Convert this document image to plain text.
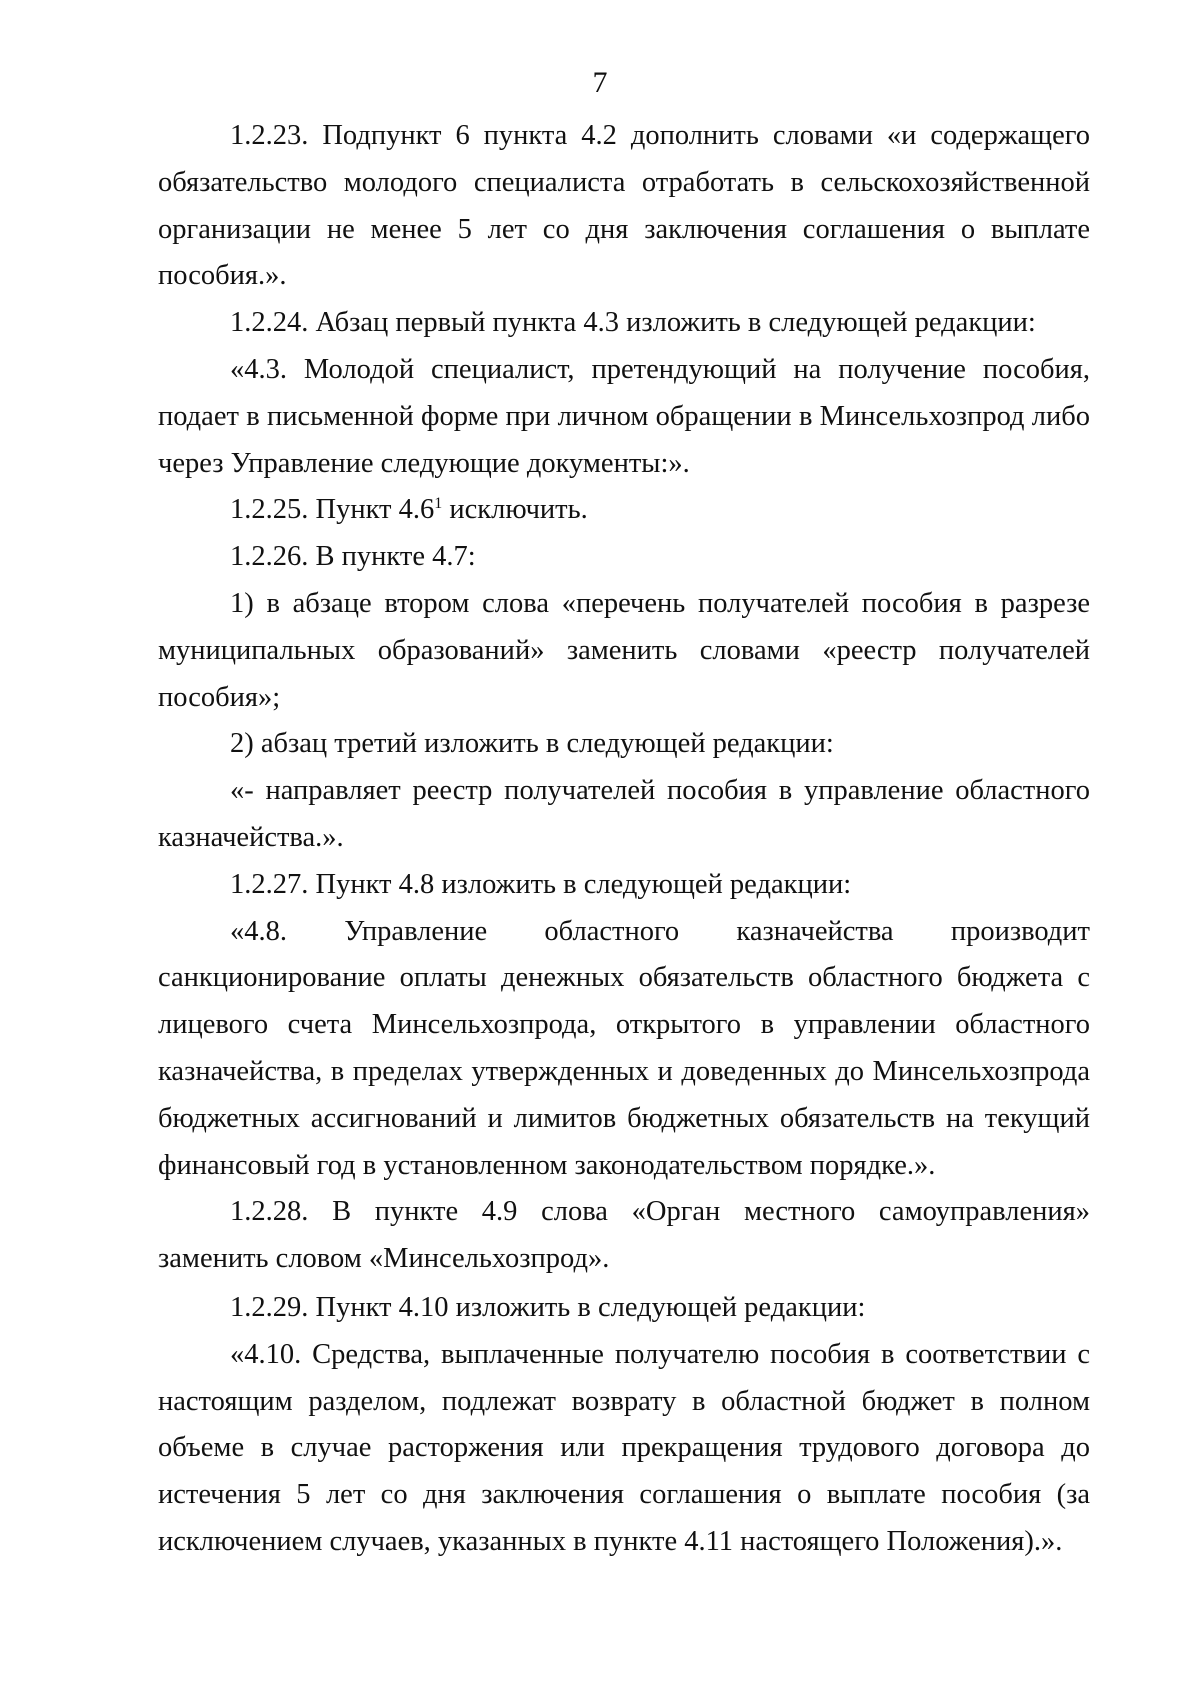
7

1.2.23. Подпункт 6 пункта 4.2 дополнить словами «и содержащего обязательство молодого специалиста отработать в сельскохозяйственной организации не менее 5 лет со дня заключения соглашения о выплате пособия.».

1.2.24. Абзац первый пункта 4.3 изложить в следующей редакции:

«4.3. Молодой специалист, претендующий на получение пособия, подает в письменной форме при личном обращении в Минсельхозпрод либо через Управление следующие документы:».

1.2.25. Пункт $4.6^1$ исключить.

1.2.26. В пункте 4.7:

1) в абзаце втором слова «перечень получателей пособия в разрезе муниципальных образований» заменить словами «реестр получателей пособия»;

2) абзац третий изложить в следующей редакции:

«- направляет реестр получателей пособия в управление областного казначейства.».

1.2.27. Пункт 4.8 изложить в следующей редакции:

«4.8. Управление областного казначейства производит санкционирование оплаты денежных обязательств областного бюджета с лицевого счета Минсельхозпрода, открытого в управлении областного казначейства, в пределах утвержденных и доведенных до Минсельхозпрода бюджетных ассигнований и лимитов бюджетных обязательств на текущий финансовый год в установленном законодательством порядке.».

1.2.28. В пункте 4.9 слова «Орган местного самоуправления» заменить словом «Минсельхозпрод».

1.2.29. Пункт 4.10 изложить в следующей редакции:

«4.10. Средства, выплаченные получателю пособия в соответствии с настоящим разделом, подлежат возврату в областной бюджет в полном объеме в случае расторжения или прекращения трудового договора до истечения 5 лет со дня заключения соглашения о выплате пособия (за исключением случаев, указанных в пункте 4.11 настоящего Положения).».
